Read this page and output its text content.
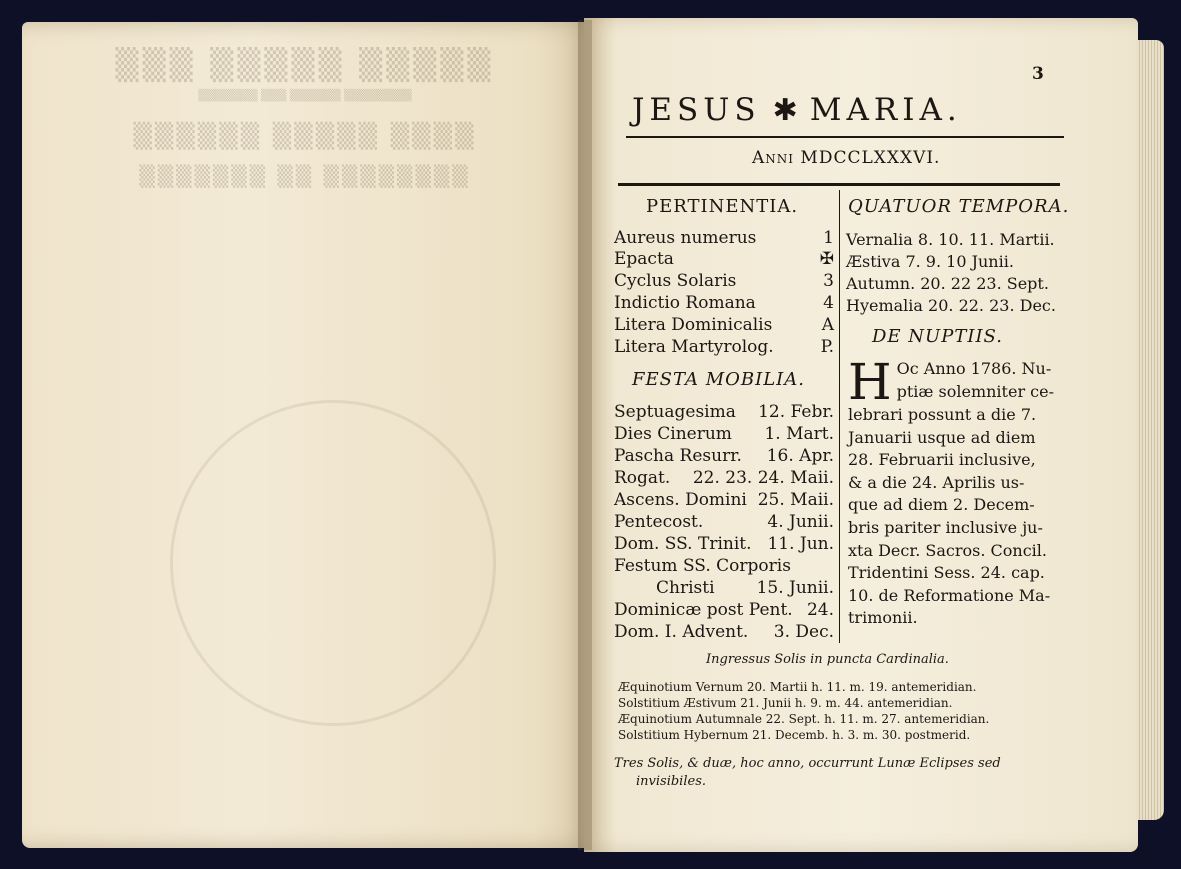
▒▒▒ ▒▒▒▒▒ ▒▒▒▒▒
▒▒▒▒▒▒▒ ▒▒▒ ▒▒▒▒▒▒ ▒▒▒▒▒▒▒▒
▒▒▒▒▒▒ ▒▒▒▒▒ ▒▒▒▒
▒▒▒▒▒▒▒ ▒▒ ▒▒▒▒▒▒▒▒
3
JESUS ✱ MARIA.
Anni MDCCLXXXVI.
PERTINENTIA.
Aureus numerus	1
Epacta	✠
Cyclus Solaris	3
Indictio Romana	4
Litera Dominicalis	A
Litera Martyrolog.	P.
FESTA MOBILIA.
Septuagesima 12. Febr.
Dies Cinerum 1. Mart.
Pascha Resurr. 16. Apr.
Rogat. 22. 23. 24. Maii.
Ascens. Domini 25. Maii.
Pentecost.	4. Junii.
Dom. SS. Trinit. 11. Jun.
Festum SS. Corporis
Christi 15. Junii.
Dominicæ post Pent. 24.
Dom. I. Advent. 3. Dec.
QUATUOR TEMPORA.
Vernalia 8. 10. 11. Martii.
Æstiva 7. 9. 10 Junii.
Autumn. 20. 22 23. Sept.
Hyemalia 20. 22. 23. Dec.
DE NUPTIIS.
H Oc Anno 1786. Nu-
ptiæ solemniter ce-
lebrari possunt a die 7.
Januarii usque ad diem
28. Februarii inclusive,
& a die 24. Aprilis us-
que ad diem 2. Decem-
bris pariter inclusive ju-
xta Decr. Sacros. Concil.
Tridentini Sess. 24. cap.
10. de Reformatione Ma-
trimonii.
Ingressus Solis in puncta Cardinalia.
Æquinotium Vernum 20. Martii h. 11. m. 19. antemeridian.
Solstitium Æstivum 21. Junii h. 9. m. 44. antemeridian.
Æquinotium Autumnale 22. Sept. h. 11. m. 27. antemeridian.
Solstitium Hybernum 21. Decemb. h. 3. m. 30. postmerid.
Tres Solis, & duæ, hoc anno, occurrunt Lunæ Eclipses sed
invisibiles.
